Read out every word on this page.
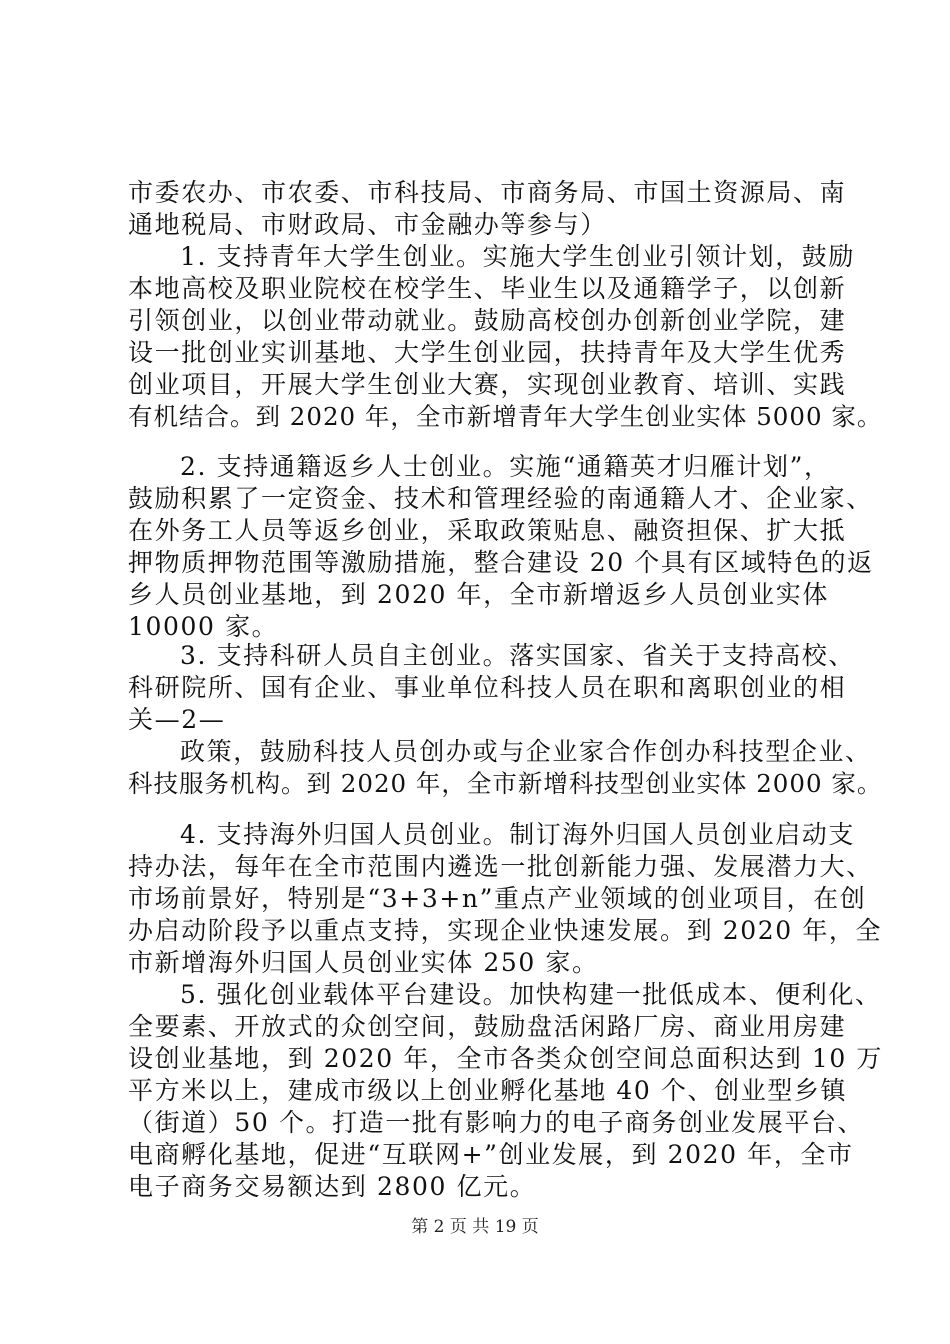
市委农办、市农委、市科技局、市商务局、市国土资源局、南
通地税局、市财政局、市金融办等参与）
1. 支持青年大学生创业。实施大学生创业引领计划，鼓励
本地高校及职业院校在校学生、毕业生以及通籍学子，以创新
引领创业，以创业带动就业。鼓励高校创办创新创业学院，建
设一批创业实训基地、大学生创业园，扶持青年及大学生优秀
创业项目，开展大学生创业大赛，实现创业教育、培训、实践
有机结合。到 2020 年，全市新增青年大学生创业实体 5000 家。
2. 支持通籍返乡人士创业。实施“通籍英才归雁计划”，
鼓励积累了一定资金、技术和管理经验的南通籍人才、企业家、
在外务工人员等返乡创业，采取政策贴息、融资担保、扩大抵
押物质押物范围等激励措施，整合建设 20 个具有区域特色的返
乡人员创业基地，到 2020 年，全市新增返乡人员创业实体
10000 家。
3. 支持科研人员自主创业。落实国家、省关于支持高校、
科研院所、国有企业、事业单位科技人员在职和离职创业的相
关—2—
政策，鼓励科技人员创办或与企业家合作创办科技型企业、
科技服务机构。到 2020 年，全市新增科技型创业实体 2000 家。
4. 支持海外归国人员创业。制订海外归国人员创业启动支
持办法，每年在全市范围内遴选一批创新能力强、发展潜力大、
市场前景好，特别是“3+3+n”重点产业领域的创业项目，在创
办启动阶段予以重点支持，实现企业快速发展。到 2020 年，全
市新增海外归国人员创业实体 250 家。
5. 强化创业载体平台建设。加快构建一批低成本、便利化、
全要素、开放式的众创空间，鼓励盘活闲路厂房、商业用房建
设创业基地，到 2020 年，全市各类众创空间总面积达到 10 万
平方米以上，建成市级以上创业孵化基地 40 个、创业型乡镇
（街道）50 个。打造一批有影响力的电子商务创业发展平台、
电商孵化基地，促进“互联网+”创业发展，到 2020 年，全市
电子商务交易额达到 2800 亿元。
第 2 页 共 19 页
